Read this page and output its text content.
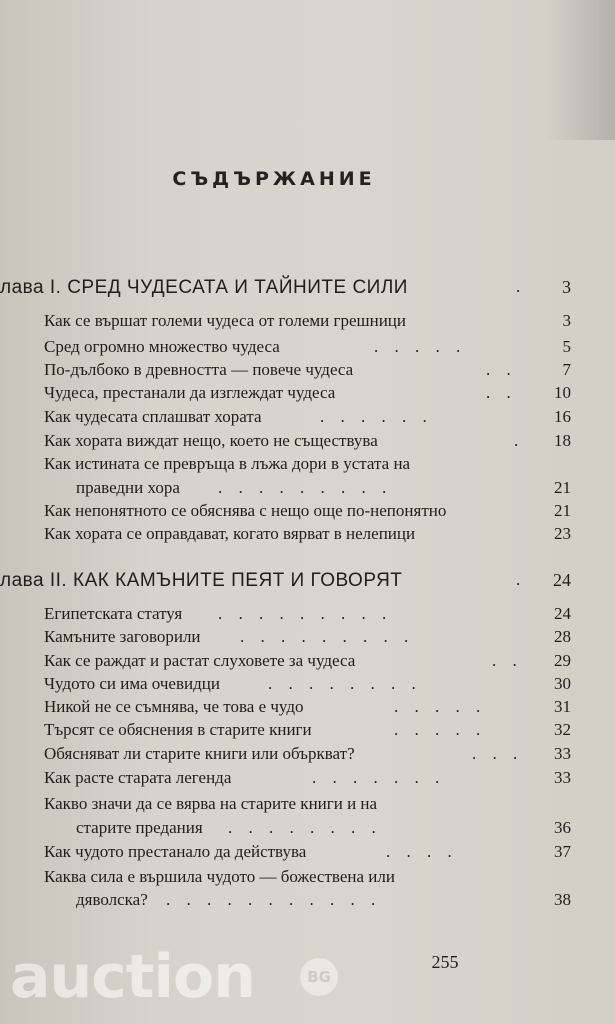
СЪДЪРЖАНИЕ
лава I. СРЕД ЧУДЕСАТА И ТАЙНИТЕ СИЛИ	. 3
Как се вършат големи чудеса от големи грешници	3
Сред огромно множество чудеса	. . . . .	5
По-дълбоко в древността — повече чудеса	. .	7
Чудеса, престанали да изглеждат чудеса	. . 10
Как чудесата сплашват хората	. . . . . .	16
Как хората виждат нещо, което не съществува	. 18
Как истината се превръща в лъжа дори в устата на
праведни хора . . . . . . . . .	21
Как непонятното се обяснява с нещо още по-непонятно	21
Как хората се оправдават, когато вярват в нелепици	23
лава II. КАК КАМЪНИТЕ ПЕЯТ И ГОВОРЯТ	. 24
Египетската статуя . . . . . . . . .	24
Камъните заговорили . . . . . . . . .	28
Как се раждат и растат слуховете за чудеса	. . 29
Чудото си има очевидци	. . . . . . . .	30
Никой не се съмнява, че това е чудо	. . . . .	31
Търсят се обяснения в старите книги	. . . . .	32
Обясняват ли старите книги или объркват?	. . . 33
Как расте старата легенда	. . . . . . .	33
Какво значи да се вярва на старите книги и на
старите предания . . . . . . . .	36
Как чудото престанало да действува	. . . .	37
Каква сила е вършила чудото — божествена или
дяволска? . . . . . . . . . . .	38
255
auction	BG
